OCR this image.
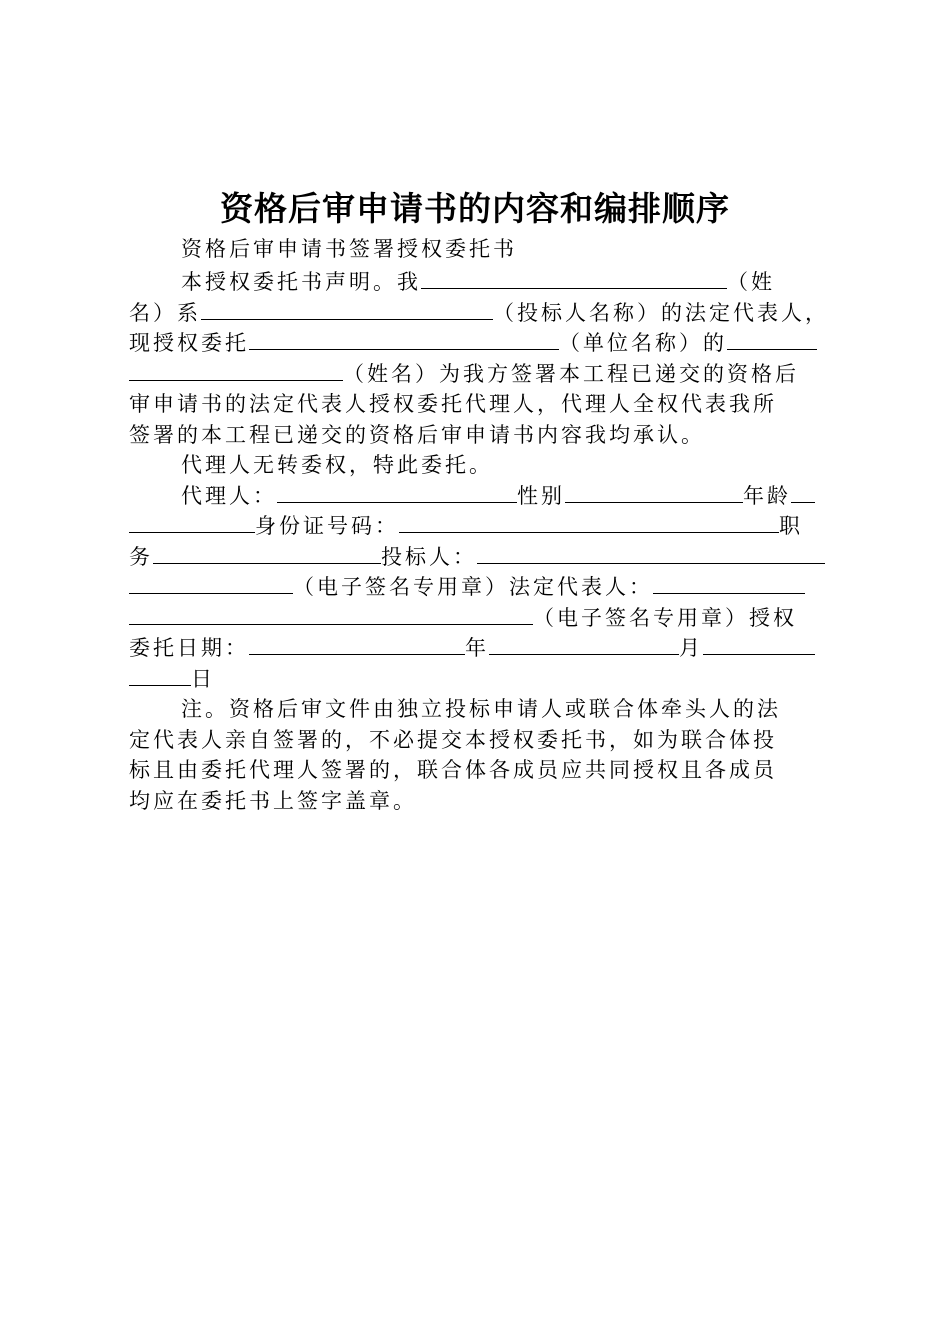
资格后审申请书的内容和编排顺序
资格后审申请书签署授权委托书
本授权委托书声明。我	（姓
名）系	（投标人名称）的法定代表人，
现授权委托	（单位名称）的
（姓名）为我方签署本工程已递交的资格后
审申请书的法定代表人授权委托代理人，代理人全权代表我所
签署的本工程已递交的资格后审申请书内容我均承认。
代理人无转委权，特此委托。
代理人：	性别	年龄
身份证号码：	职
务	投标人：
（电子签名专用章）法定代表人：
（电子签名专用章）授权
委托日期：	年	月
日
注。资格后审文件由独立投标申请人或联合体牵头人的法
定代表人亲自签署的，不必提交本授权委托书，如为联合体投
标且由委托代理人签署的，联合体各成员应共同授权且各成员
均应在委托书上签字盖章。
